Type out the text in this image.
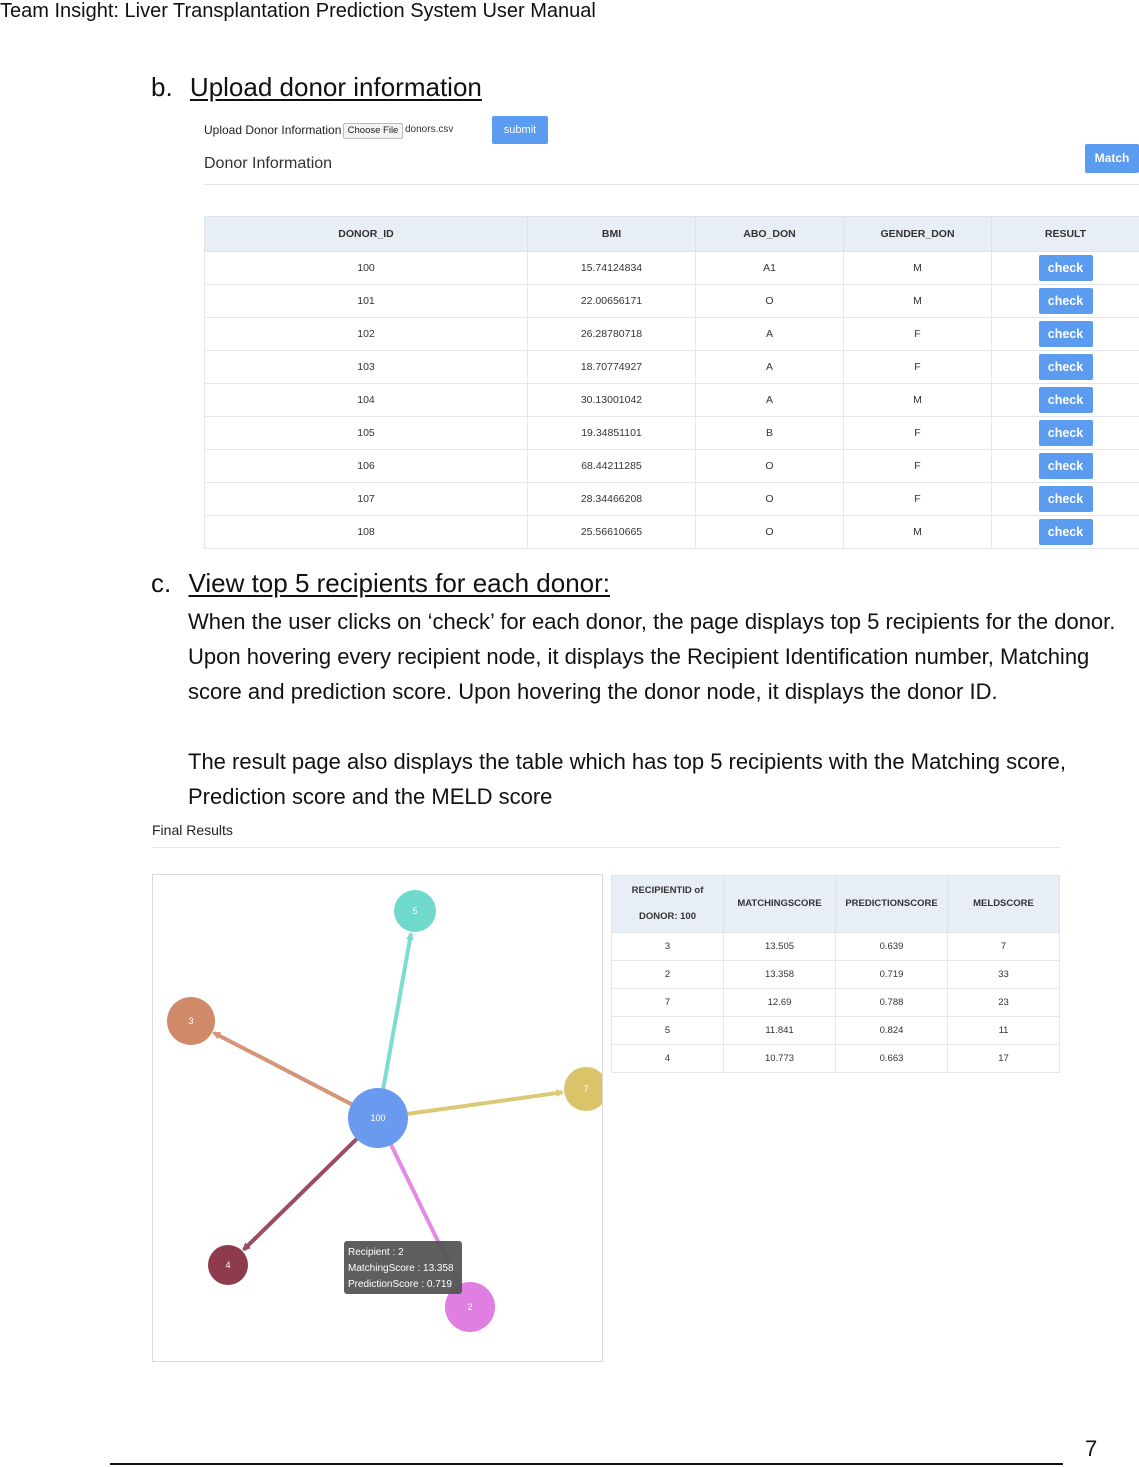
Team Insight: Liver Transplantation Prediction System User Manual
b. Upload donor information
Upload Donor Information Choose File donors.csv	submit
Donor Information	Match
DONOR_ID	BMI	ABO_DON	GENDER_DON	RESULT
100	15.74124834	A1	M	check
101	22.00656171	O	M	check
102	26.28780718	A	F	check
103	18.70774927	A	F	check
104	30.13001042	A	M	check
105	19.34851101	B	F	check
106	68.44211285	O	F	check
107	28.34466208	O	F	check
108	25.56610665	O	M	check
c. View top 5 recipients for each donor:
When the user clicks on ‘check’ for each donor, the page displays top 5 recipients for the donor. Upon hovering every recipient node, it displays the Recipient Identification number, Matching score and prediction score. Upon hovering the donor node, it displays the donor ID.
The result page also displays the table which has top 5 recipients with the Matching score, Prediction score and the MELD score
Final Results
5
3
7
4
2
100
Recipient : 2
MatchingScore : 13.358
PredictionScore : 0.719
RECIPIENTID of
DONOR: 100	MATCHINGSCORE	PREDICTIONSCORE	MELDSCORE
3	13.505	0.639	7
2	13.358	0.719	33
7	12.69	0.788	23
5	11.841	0.824	11
4	10.773	0.663	17
7
